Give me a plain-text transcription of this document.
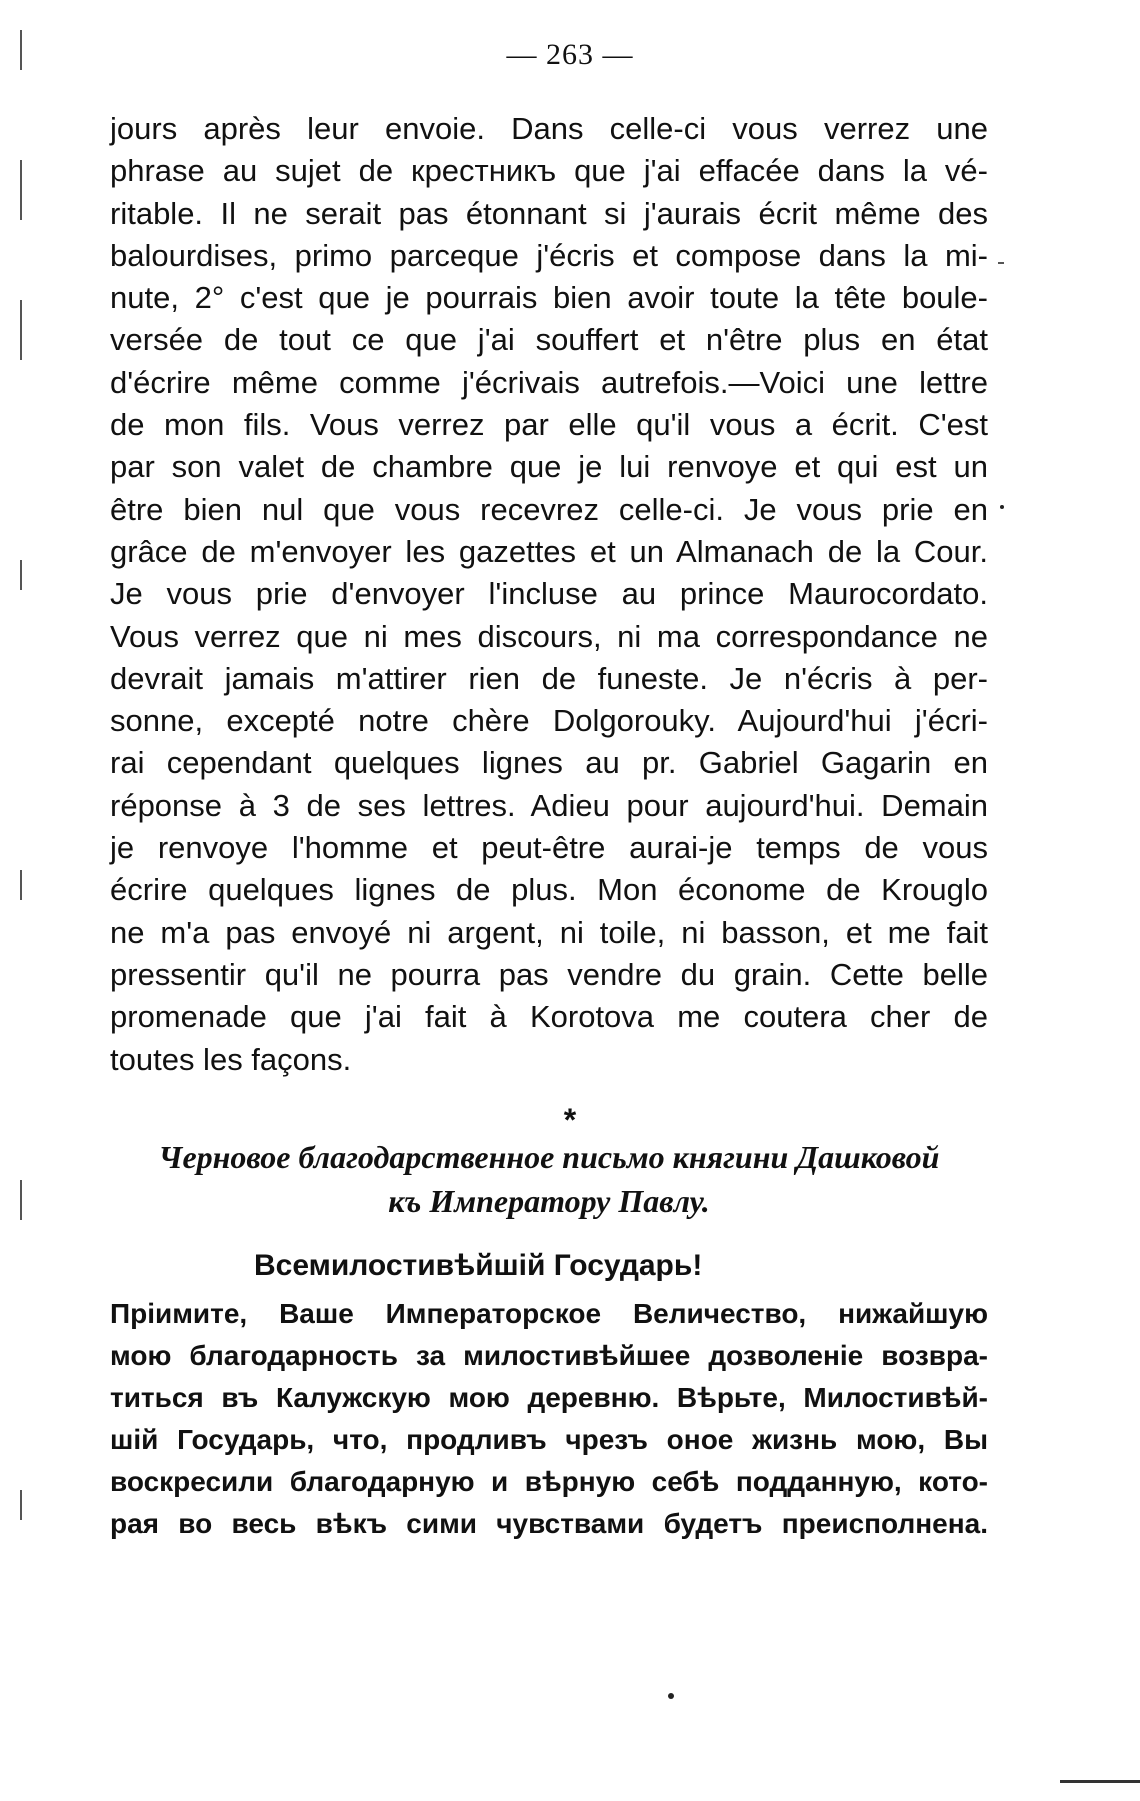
— 263 —
jours après leur envoie. Dans celle-ci vous verrez une
phrase au sujet de крестникъ que j'ai effacée dans la vé-
ritable. Il ne serait pas étonnant si j'aurais écrit même des
balourdises, primo parceque j'écris et compose dans la mi-
nute, 2° c'est que je pourrais bien avoir toute la tête boule-
versée de tout ce que j'ai souffert et n'être plus en état
d'écrire même comme j'écrivais autrefois.—Voici une lettre
de mon fils. Vous verrez par elle qu'il vous a écrit. C'est
par son valet de chambre que je lui renvoye et qui est un
être bien nul que vous recevrez celle-ci. Je vous prie en
grâce de m'envoyer les gazettes et un Almanach de la Cour.
Je vous prie d'envoyer l'incluse au prince Maurocordato.
Vous verrez que ni mes discours, ni ma correspondance ne
devrait jamais m'attirer rien de funeste. Je n'écris à per-
sonne, excepté notre chère Dolgorouky. Aujourd'hui j'écri-
rai cependant quelques lignes au pr. Gabriel Gagarin en
réponse à 3 de ses lettres. Adieu pour aujourd'hui. Demain
je renvoye l'homme et peut-être aurai-je temps de vous
écrire quelques lignes de plus. Mon économe de Krouglo
ne m'a pas envoyé ni argent, ni toile, ni basson, et me fait
pressentir qu'il ne pourra pas vendre du grain. Cette belle
promenade que j'ai fait à Korotova me coutera cher de
toutes les façons.
*
Черновое благодарственное письмо княгини Дашковой
къ Императору Павлу.
Всемилостивѣйшій Государь!
Пріимите, Ваше Императорское Величество, нижайшую
мою благодарность за милостивѣйшее дозволеніе возвра-
титься въ Калужскую мою деревню. Вѣрьте, Милостивѣй-
шій Государь, что, продливъ чрезъ оное жизнь мою, Вы
воскресили благодарную и вѣрную себѣ подданную, кото-
рая во весь вѣкъ сими чувствами будетъ преисполнена.
